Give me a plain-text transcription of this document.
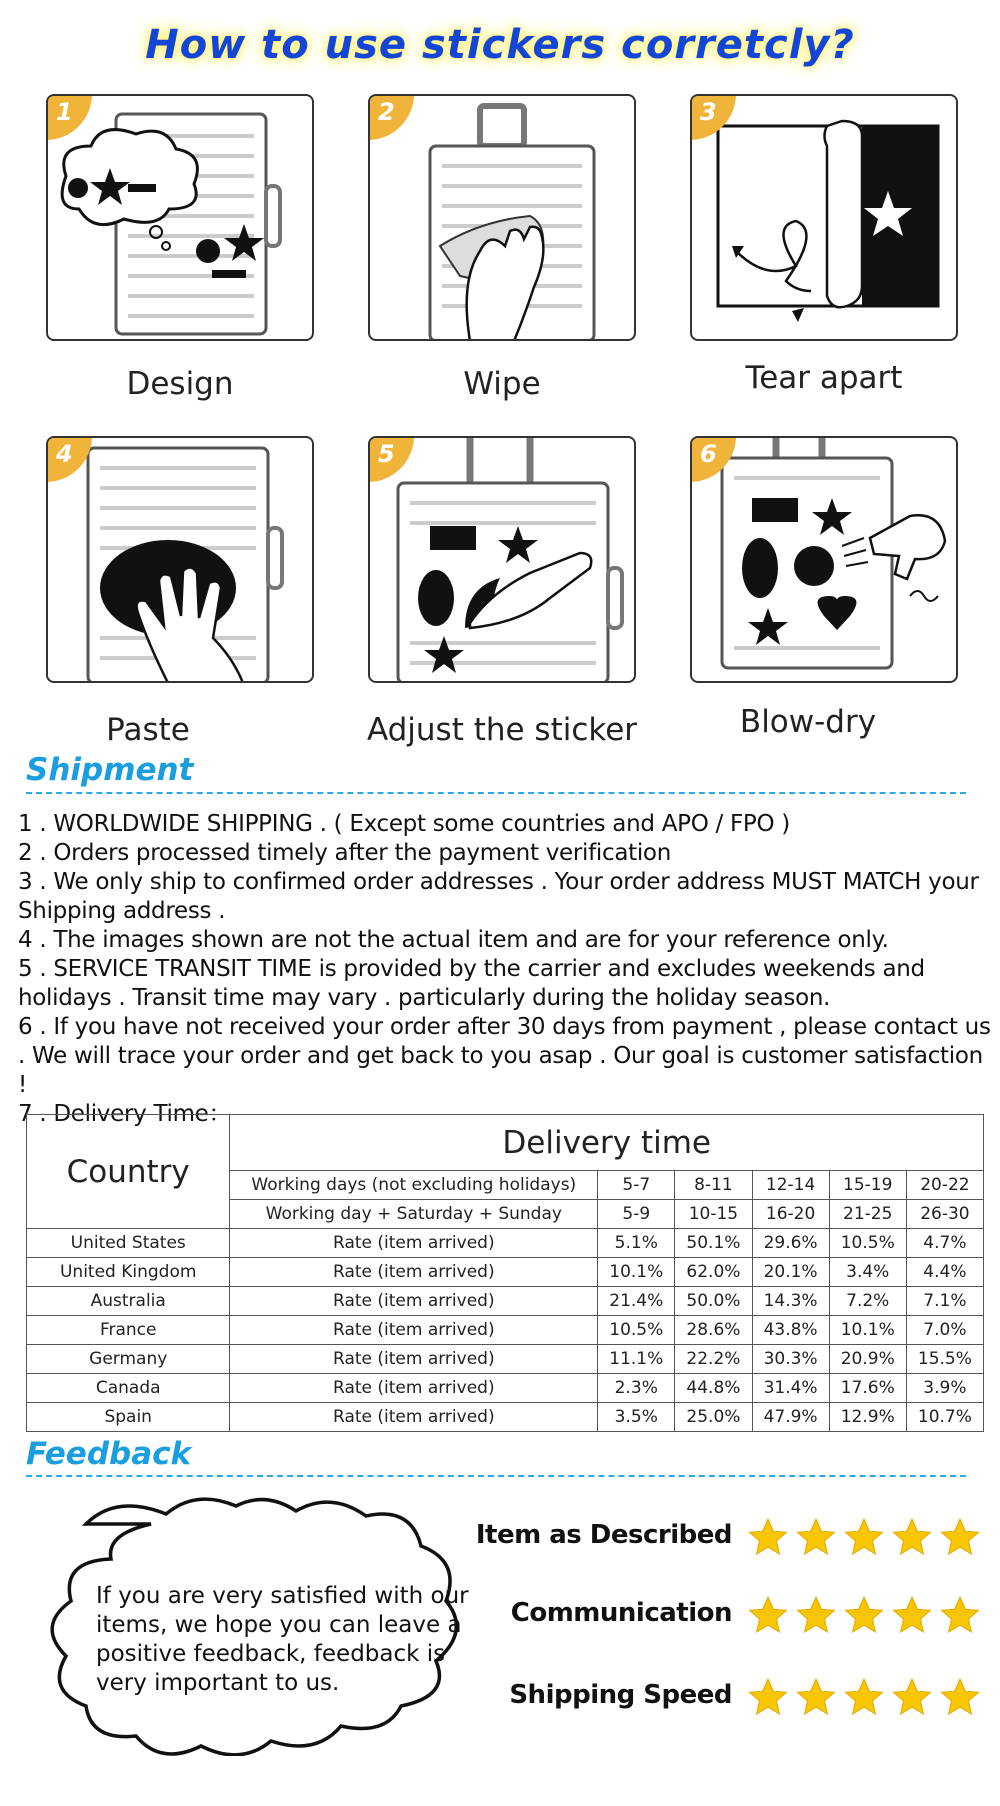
How to use stickers corretcly?
1
Design
2
Wipe
3
Tear apart
4
Paste
5
Adjust the sticker
6
Blow-dry
Shipment
1 . WORLDWIDE SHIPPING . ( Except some countries and APO / FPO )
2 . Orders processed timely after the payment verification
3 . We only ship to confirmed order addresses . Your order address MUST MATCH your Shipping address .
4 . The images shown are not the actual item and are for your reference only.
5 . SERVICE TRANSIT TIME is provided by the carrier and excludes weekends and holidays . Transit time may vary . particularly during the holiday season.
6 . If you have not received your order after 30 days from payment , please contact us . We will trace your order and get back to you asap . Our goal is customer satisfaction !
7 . Delivery Time：
Country	Delivery time					
	Working days (not excluding holidays)	5-7	8-11	12-14	15-19	20-22
	Working day + Saturday + Sunday	5-9	10-15	16-20	21-25	26-30
United States	Rate (item arrived)	5.1%	50.1%	29.6%	10.5%	4.7%
United Kingdom	Rate (item arrived)	10.1%	62.0%	20.1%	3.4%	4.4%
Australia	Rate (item arrived)	21.4%	50.0%	14.3%	7.2%	7.1%
France	Rate (item arrived)	10.5%	28.6%	43.8%	10.1%	7.0%
Germany	Rate (item arrived)	11.1%	22.2%	30.3%	20.9%	15.5%
Canada	Rate (item arrived)	2.3%	44.8%	31.4%	17.6%	3.9%
Spain	Rate (item arrived)	3.5%	25.0%	47.9%	12.9%	10.7%
Feedback
If you are very satisfied with our items, we hope you can leave a positive feedback, feedback is very important to us.
Item as Described
Communication
Shipping Speed
